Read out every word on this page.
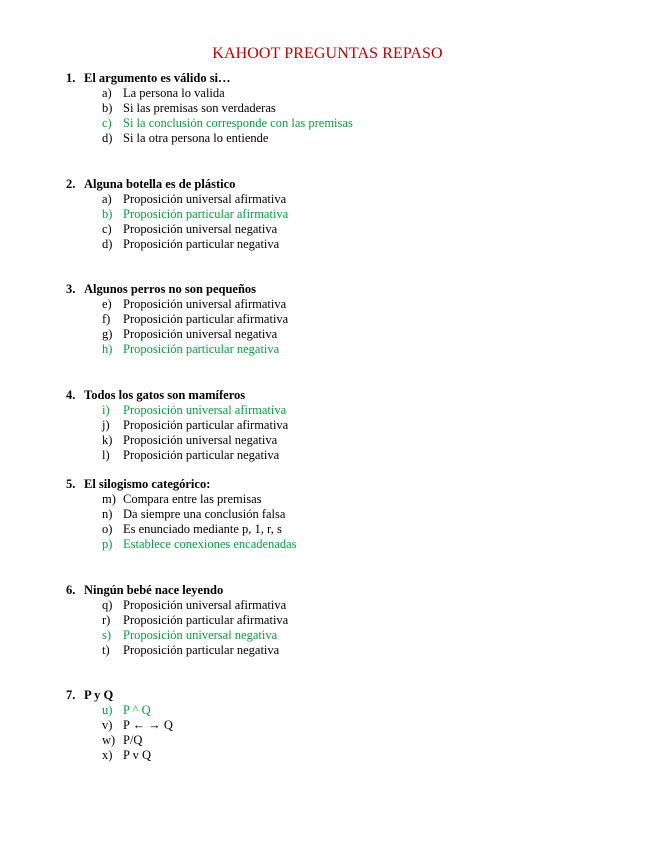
KAHOOT PREGUNTAS REPASO
1. El argumento es válido si…
a) La persona lo valida
b) Si las premisas son verdaderas
c) Si la conclusión corresponde con las premisas
d) Si la otra persona lo entiende
2. Alguna botella es de plástico
a) Proposición universal afirmativa
b) Proposición particular afirmativa
c) Proposición universal negativa
d) Proposición particular negativa
3. Algunos perros no son pequeños
e) Proposición universal afirmativa
f) Proposición particular afirmativa
g) Proposición universal negativa
h) Proposición particular negativa
4. Todos los gatos son mamíferos
i) Proposición universal afirmativa
j) Proposición particular afirmativa
k) Proposición universal negativa
l) Proposición particular negativa
5. El silogismo categórico:
m) Compara entre las premisas
n) Da siempre una conclusión falsa
o) Es enunciado mediante p, 1, r, s
p) Establece conexiones encadenadas
6. Ningún bebé nace leyendo
q) Proposición universal afirmativa
r) Proposición particular afirmativa
s) Proposición universal negativa
t) Proposición particular negativa
7. P y Q
u) P ^ Q
v) P ← → Q
w) P/Q
x) P v Q
